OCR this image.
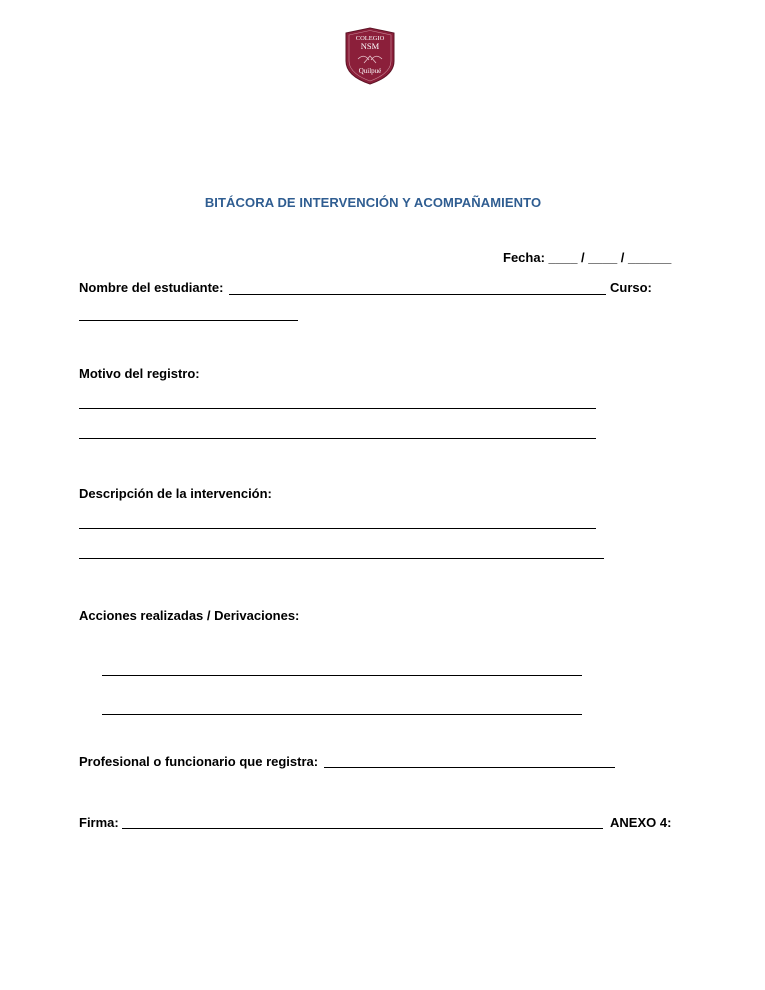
COLEGIO
NSM
Quilpué
BITÁCORA DE INTERVENCIÓN Y ACOMPAÑAMIENTO
Fecha: ____ / ____ / ______
Nombre del estudiante:	Curso:
Motivo del registro:
Descripción de la intervención:
Acciones realizadas / Derivaciones:
Profesional o funcionario que registra:
Firma:	ANEXO 4:
